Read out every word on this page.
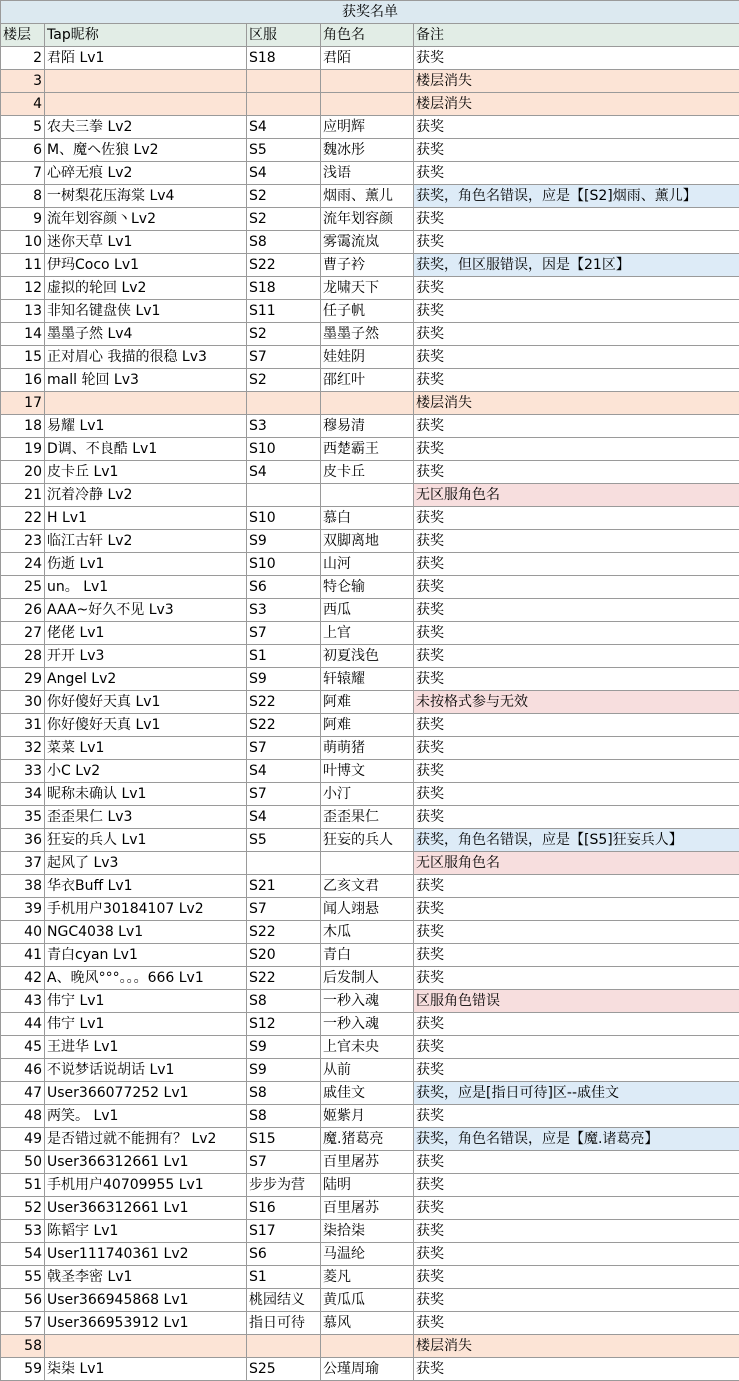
获奖名单				
楼层	Tap昵称	区服	角色名	备注
2	君陌 Lv1	S18	君陌	获奖
3				楼层消失
4				楼层消失
5	农夫三拳 Lv2	S4	应明辉	获奖
6	M、魔ヘ佐狼 Lv2	S5	魏冰彤	获奖
7	心碎无痕 Lv2	S4	浅语	获奖
8	一树梨花压海棠 Lv4	S2	烟雨、薰儿	获奖，角色名错误，应是【[S2]烟雨、薰儿】
9	流年划容颜丶Lv2	S2	流年划容颜	获奖
10	迷你天草 Lv1	S8	雾霭流岚	获奖
11	伊玛Coco Lv1	S22	曹子衿	获奖，但区服错误，因是【21区】
12	虚拟的轮回 Lv2	S18	龙啸天下	获奖
13	非知名键盘侠 Lv1	S11	任子帆	获奖
14	墨墨子然 Lv4	S2	墨墨子然	获奖
15	正对眉心 我描的很稳 Lv3	S7	娃娃阴	获奖
16	mall 轮回 Lv3	S2	邵红叶	获奖
17				楼层消失
18	易耀 Lv1	S3	穆易清	获奖
19	D调、不良酷 Lv1	S10	西楚霸王	获奖
20	皮卡丘 Lv1	S4	皮卡丘	获奖
21	沉着冷静 Lv2			无区服角色名
22	H Lv1	S10	慕白	获奖
23	临江古轩 Lv2	S9	双脚离地	获奖
24	伤逝 Lv1	S10	山河	获奖
25	un。 Lv1	S6	特仑输	获奖
26	AAA~好久不见 Lv3	S3	西瓜	获奖
27	佬佬 Lv1	S7	上官	获奖
28	开开 Lv3	S1	初夏浅色	获奖
29	Angel Lv2	S9	轩辕耀	获奖
30	你好傻好天真 Lv1	S22	阿难	未按格式参与无效
31	你好傻好天真 Lv1	S22	阿难	获奖
32	菜菜 Lv1	S7	萌萌猪	获奖
33	小C Lv2	S4	叶博文	获奖
34	昵称未确认 Lv1	S7	小汀	获奖
35	歪歪果仁 Lv3	S4	歪歪果仁	获奖
36	狂妄的兵人 Lv1	S5	狂妄的兵人	获奖，角色名错误，应是【[S5]狂妄兵人】
37	起风了 Lv3			无区服角色名
38	华衣Buff Lv1	S21	乙亥文君	获奖
39	手机用户30184107 Lv2	S7	闻人翊悬	获奖
40	NGC4038 Lv1	S22	木瓜	获奖
41	青白cyan Lv1	S20	青白	获奖
42	A、晚风°°°。。。666 Lv1	S22	后发制人	获奖
43	伟宁 Lv1	S8	一秒入魂	区服角色错误
44	伟宁 Lv1	S12	一秒入魂	获奖
45	王进华 Lv1	S9	上官未央	获奖
46	不说梦话说胡话 Lv1	S9	从前	获奖
47	User366077252 Lv1	S8	戚佳文	获奖，应是[指日可待]区--戚佳文
48	两笑。 Lv1	S8	姬紫月	获奖
49	是否错过就不能拥有？ Lv2	S15	魔.猪葛亮	获奖，角色名错误，应是【魔.诸葛亮】
50	User366312661 Lv1	S7	百里屠苏	获奖
51	手机用户40709955 Lv1	步步为营	陆明	获奖
52	User366312661 Lv1	S16	百里屠苏	获奖
53	陈韬宇 Lv1	S17	柒拾柒	获奖
54	User111740361 Lv2	S6	马温纶	获奖
55	戟圣李密 Lv1	S1	菱凡	获奖
56	User366945868 Lv1	桃园结义	黄瓜瓜	获奖
57	User366953912 Lv1	指日可待	慕风	获奖
58				楼层消失
59	柒柒 Lv1	S25	公瑾周瑜	获奖
